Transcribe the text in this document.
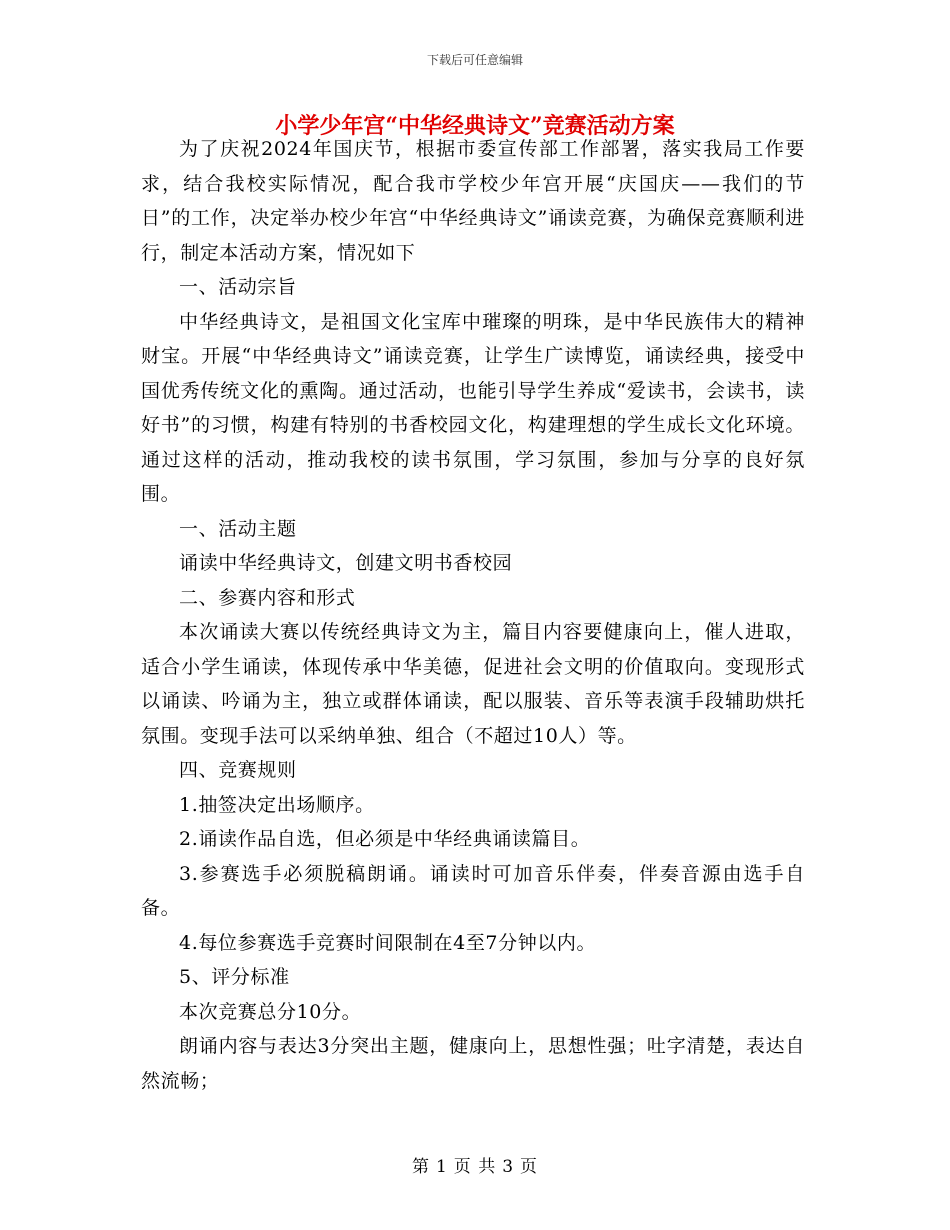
下载后可任意编辑
小学少年宫“中华经典诗文”竞赛活动方案

为了庆祝2024年国庆节，根据市委宣传部工作部署，落实我局工作要求，结合我校实际情况，配合我市学校少年宫开展“庆国庆——我们的节日”的工作，决定举办校少年宫“中华经典诗文”诵读竞赛，为确保竞赛顺利进行，制定本活动方案，情况如下

一、活动宗旨

中华经典诗文，是祖国文化宝库中璀璨的明珠，是中华民族伟大的精神财宝。开展“中华经典诗文”诵读竞赛，让学生广读博览，诵读经典，接受中国优秀传统文化的熏陶。通过活动，也能引导学生养成“爱读书，会读书，读好书”的习惯，构建有特别的书香校园文化，构建理想的学生成长文化环境。通过这样的活动，推动我校的读书氛围，学习氛围，参加与分享的良好氛围。

一、活动主题

诵读中华经典诗文，创建文明书香校园

二、参赛内容和形式

本次诵读大赛以传统经典诗文为主，篇目内容要健康向上，催人进取，适合小学生诵读，体现传承中华美德，促进社会文明的价值取向。变现形式以诵读、吟诵为主，独立或群体诵读，配以服装、音乐等表演手段辅助烘托氛围。变现手法可以采纳单独、组合（不超过10人）等。

四、竞赛规则

1.抽签决定出场顺序。

2.诵读作品自选，但必须是中华经典诵读篇目。

3.参赛选手必须脱稿朗诵。诵读时可加音乐伴奏，伴奏音源由选手自备。

4.每位参赛选手竞赛时间限制在4至7分钟以内。

5、评分标准

本次竞赛总分10分。

朗诵内容与表达3分突出主题，健康向上，思想性强；吐字清楚，表达自然流畅；

第 1 页 共 3 页
